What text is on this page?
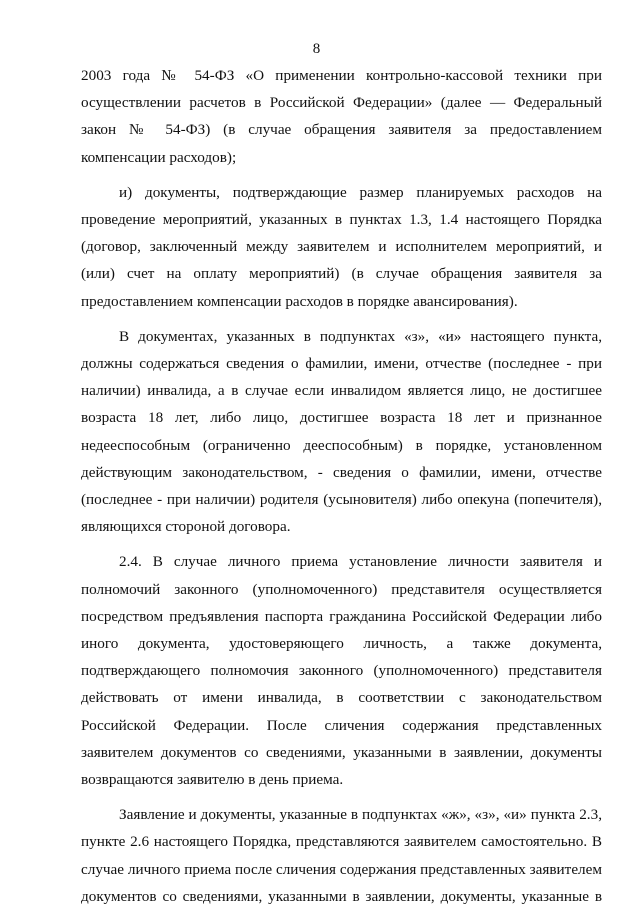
8
2003 года № 54-ФЗ «О применении контрольно-кассовой техники при
осуществлении расчетов в Российской Федерации» (далее — Федеральный
закон № 54-ФЗ) (в случае обращения заявителя за предоставлением
компенсации расходов);
и) документы, подтверждающие размер планируемых расходов на
проведение мероприятий, указанных в пунктах 1.3, 1.4 настоящего Порядка
(договор, заключенный между заявителем и исполнителем мероприятий, и
(или) счет на оплату мероприятий) (в случае обращения заявителя за
предоставлением компенсации расходов в порядке авансирования).
В документах, указанных в подпунктах «з», «и» настоящего пункта,
должны содержаться сведения о фамилии, имени, отчестве (последнее - при
наличии) инвалида, а в случае если инвалидом является лицо, не достигшее
возраста 18 лет, либо лицо, достигшее возраста 18 лет и признанное
недееспособным (ограниченно дееспособным) в порядке, установленном
действующим законодательством, - сведения о фамилии, имени, отчестве
(последнее - при наличии) родителя (усыновителя) либо опекуна (попечителя),
являющихся стороной договора.
2.4. В случае личного приема установление личности заявителя и
полномочий законного (уполномоченного) представителя осуществляется
посредством предъявления паспорта гражданина Российской Федерации либо
иного документа, удостоверяющего личность, а также документа,
подтверждающего полномочия законного (уполномоченного) представителя
действовать от имени инвалида, в соответствии с законодательством
Российской Федерации. После сличения содержания представленных
заявителем документов со сведениями, указанными в заявлении, документы
возвращаются заявителю в день приема.
Заявление и документы, указанные в подпунктах «ж», «з», «и» пункта 2.3,
пункте 2.6 настоящего Порядка, представляются заявителем самостоятельно. В
случае личного приема после сличения содержания представленных заявителем
документов со сведениями, указанными в заявлении, документы, указанные в
